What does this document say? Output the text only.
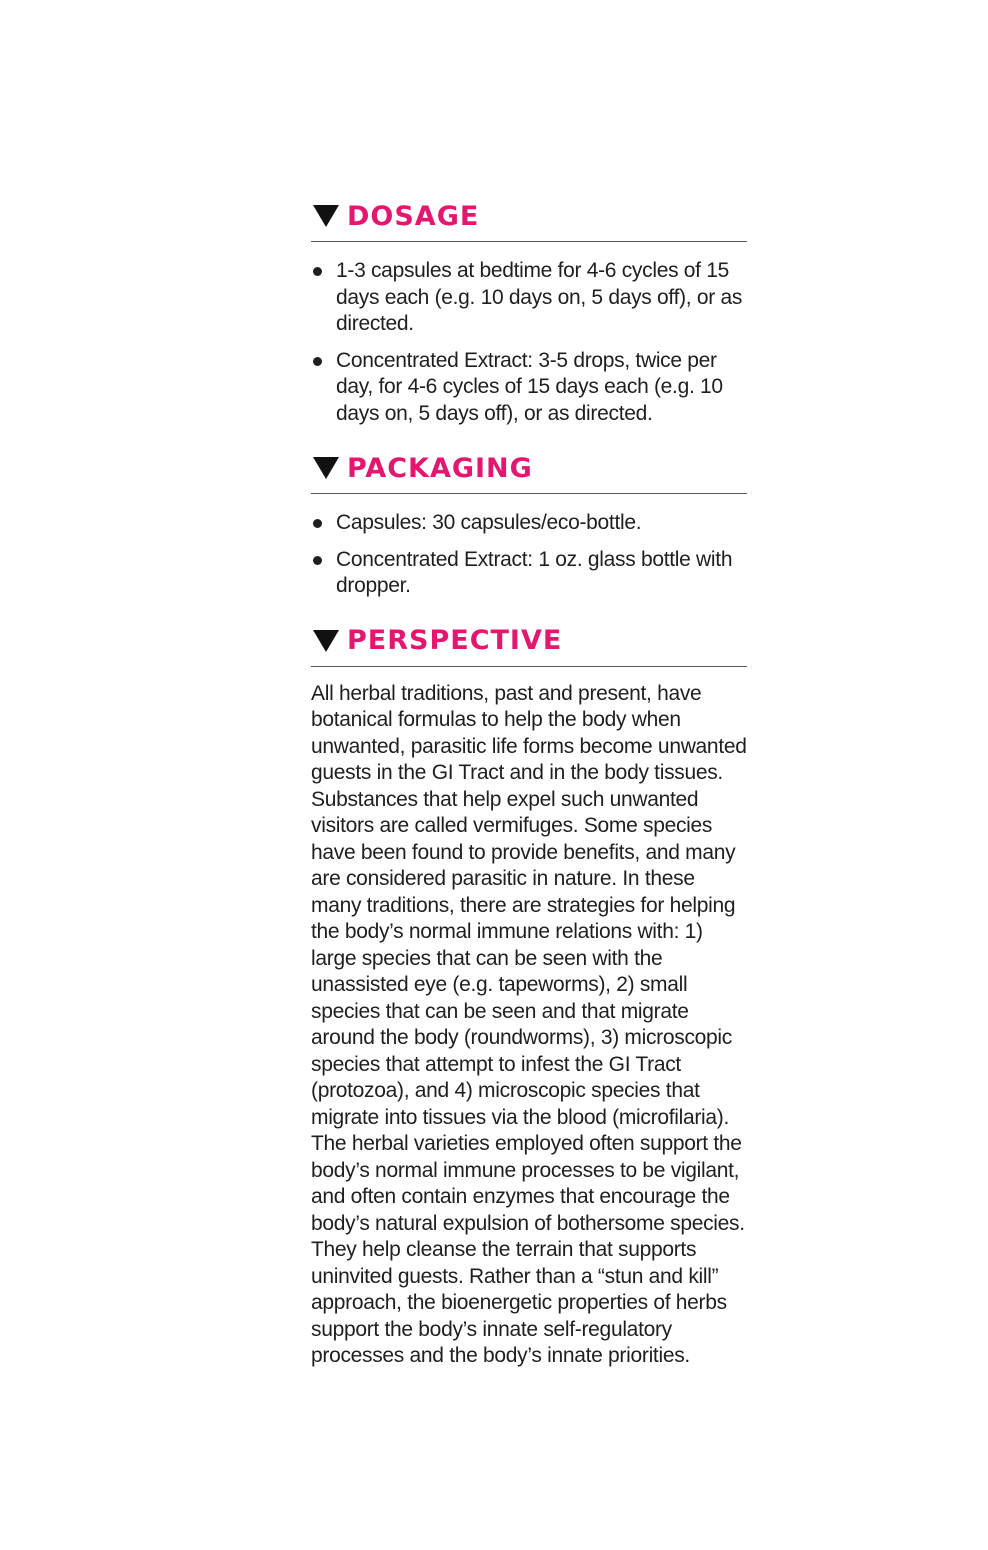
DOSAGE
1-3 capsules at bedtime for 4-6 cycles of 15 days each (e.g. 10 days on, 5 days off), or as directed.
Concentrated Extract: 3-5 drops, twice per day, for 4-6 cycles of 15 days each (e.g. 10 days on, 5 days off), or as directed.
PACKAGING
Capsules: 30 capsules/eco-bottle.
Concentrated Extract: 1 oz. glass bottle with dropper.
PERSPECTIVE

All herbal traditions, past and present, have botanical formulas to help the body when unwanted, parasitic life forms become unwanted guests in the GI Tract and in the body tissues. Substances that help expel such unwanted visitors are called vermifuges. Some species have been found to provide benefits, and many are considered parasitic in nature. In these many traditions, there are strategies for helping the body’s normal immune relations with: 1) large species that can be seen with the unassisted eye (e.g. tapeworms), 2) small species that can be seen and that migrate around the body (roundworms), 3) microscopic species that attempt to infest the GI Tract (protozoa), and 4) microscopic species that migrate into tissues via the blood (microfilaria). The herbal varieties employed often support the body’s normal immune processes to be vigilant, and often contain enzymes that encourage the body’s natural expulsion of bothersome species. They help cleanse the terrain that supports uninvited guests. Rather than a “stun and kill” approach, the bioenergetic properties of herbs support the body’s innate self-regulatory processes and the body’s innate priorities.
